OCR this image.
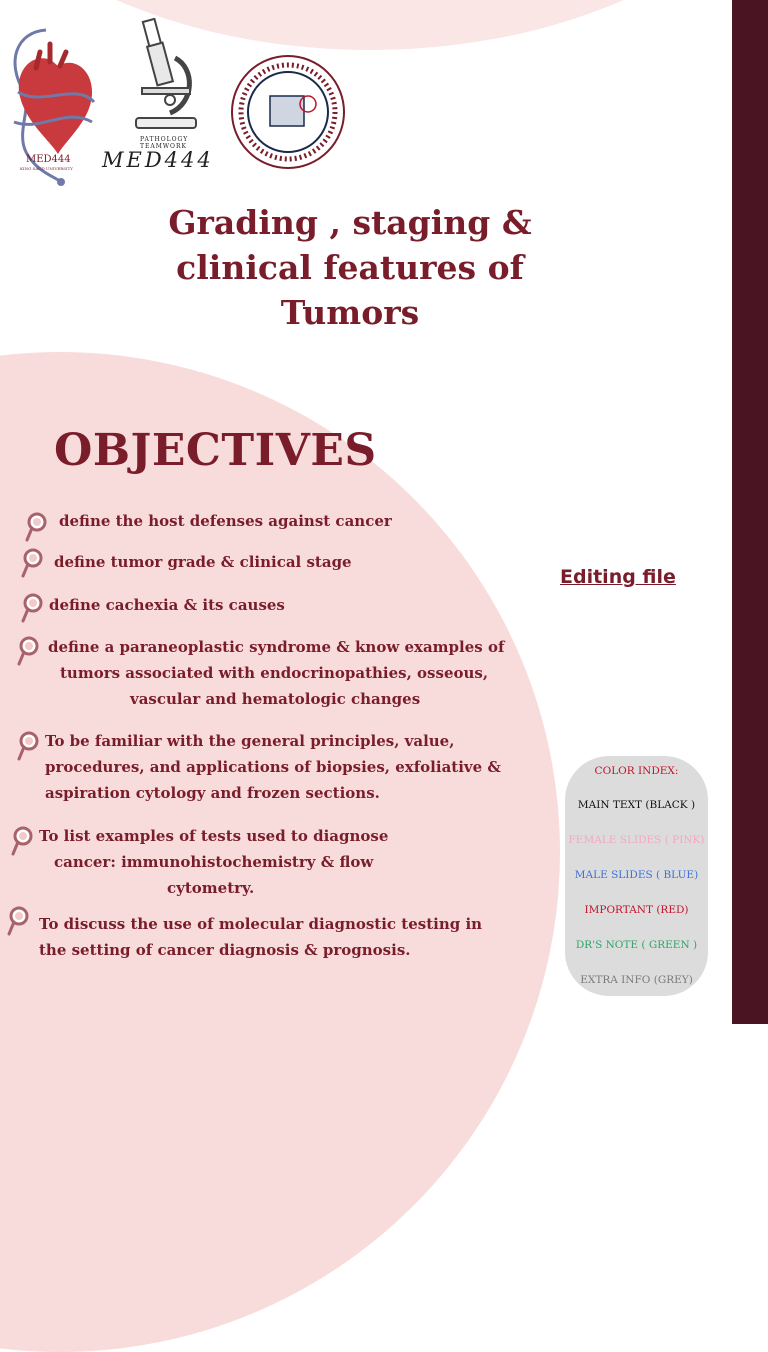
MED444
KING SAUD UNIVERSITY
PATHOLOGY TEAMWORK
MED444
Grading , staging &
clinical features of
Tumors
OBJECTIVES
define the host defenses against cancer
define tumor grade & clinical stage
define cachexia & its causes
define a paraneoplastic syndrome & know examples of
tumors associated with endocrinopathies, osseous,
vascular and hematologic changes
To be familiar with the general principles, value,
procedures, and applications of biopsies, exfoliative &
aspiration cytology and frozen sections.
To list examples of tests used to diagnose
cancer: immunohistochemistry & flow
cytometry.
To discuss the use of molecular diagnostic testing in
the setting of cancer diagnosis & prognosis.
Editing file
COLOR INDEX:
MAIN TEXT (BLACK )
FEMALE SLIDES ( PINK)
MALE SLIDES ( BLUE)
IMPORTANT (RED)
DR'S NOTE ( GREEN )
EXTRA INFO (GREY)
